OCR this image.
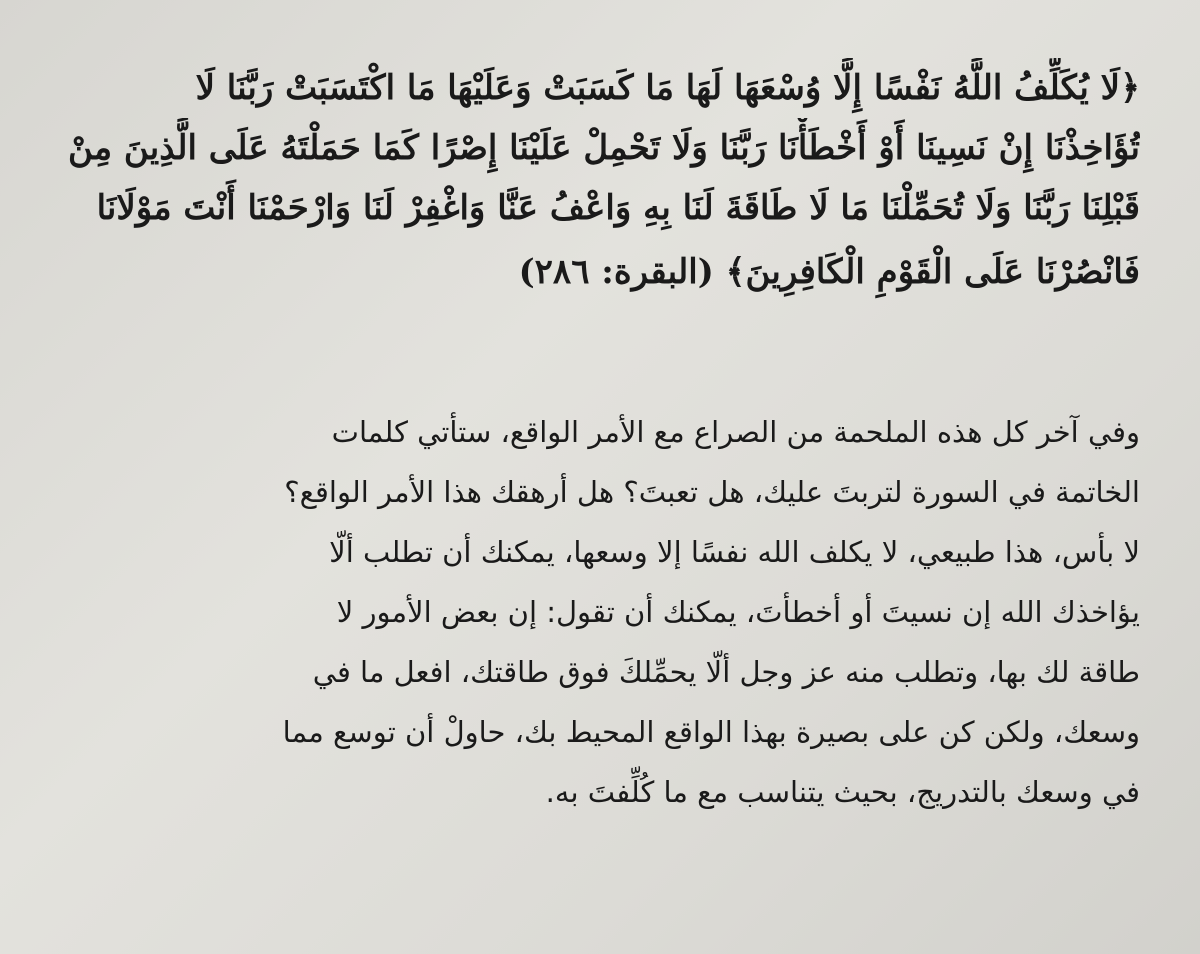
﴿لَا يُكَلِّفُ اللَّهُ نَفْسًا إِلَّا وُسْعَهَا لَهَا مَا كَسَبَتْ وَعَلَيْهَا مَا اكْتَسَبَتْ رَبَّنَا لَا
تُؤَاخِذْنَا إِنْ نَسِينَا أَوْ أَخْطَأْنَا رَبَّنَا وَلَا تَحْمِلْ عَلَيْنَا إِصْرًا كَمَا حَمَلْتَهُ عَلَى الَّذِينَ مِنْ
قَبْلِنَا رَبَّنَا وَلَا تُحَمِّلْنَا مَا لَا طَاقَةَ لَنَا بِهِ وَاعْفُ عَنَّا وَاغْفِرْ لَنَا وَارْحَمْنَا أَنْتَ مَوْلَانَا
فَانْصُرْنَا عَلَى الْقَوْمِ الْكَافِرِينَ﴾ (البقرة: ٢٨٦)
وفي آخر كل هذه الملحمة من الصراع مع الأمر الواقع، ستأتي كلمات
الخاتمة في السورة لتربتَ عليك، هل تعبتَ؟ هل أرهقك هذا الأمر الواقع؟
لا بأس، هذا طبيعي، لا يكلف الله نفسًا إلا وسعها، يمكنك أن تطلب ألّا
يؤاخذك الله إن نسيتَ أو أخطأتَ، يمكنك أن تقول: إن بعض الأمور لا
طاقة لك بها، وتطلب منه عز وجل ألّا يحمِّلكَ فوق طاقتك، افعل ما في
وسعك، ولكن كن على بصيرة بهذا الواقع المحيط بك، حاولْ أن توسع مما
في وسعك بالتدريج، بحيث يتناسب مع ما كُلِّفتَ به.
